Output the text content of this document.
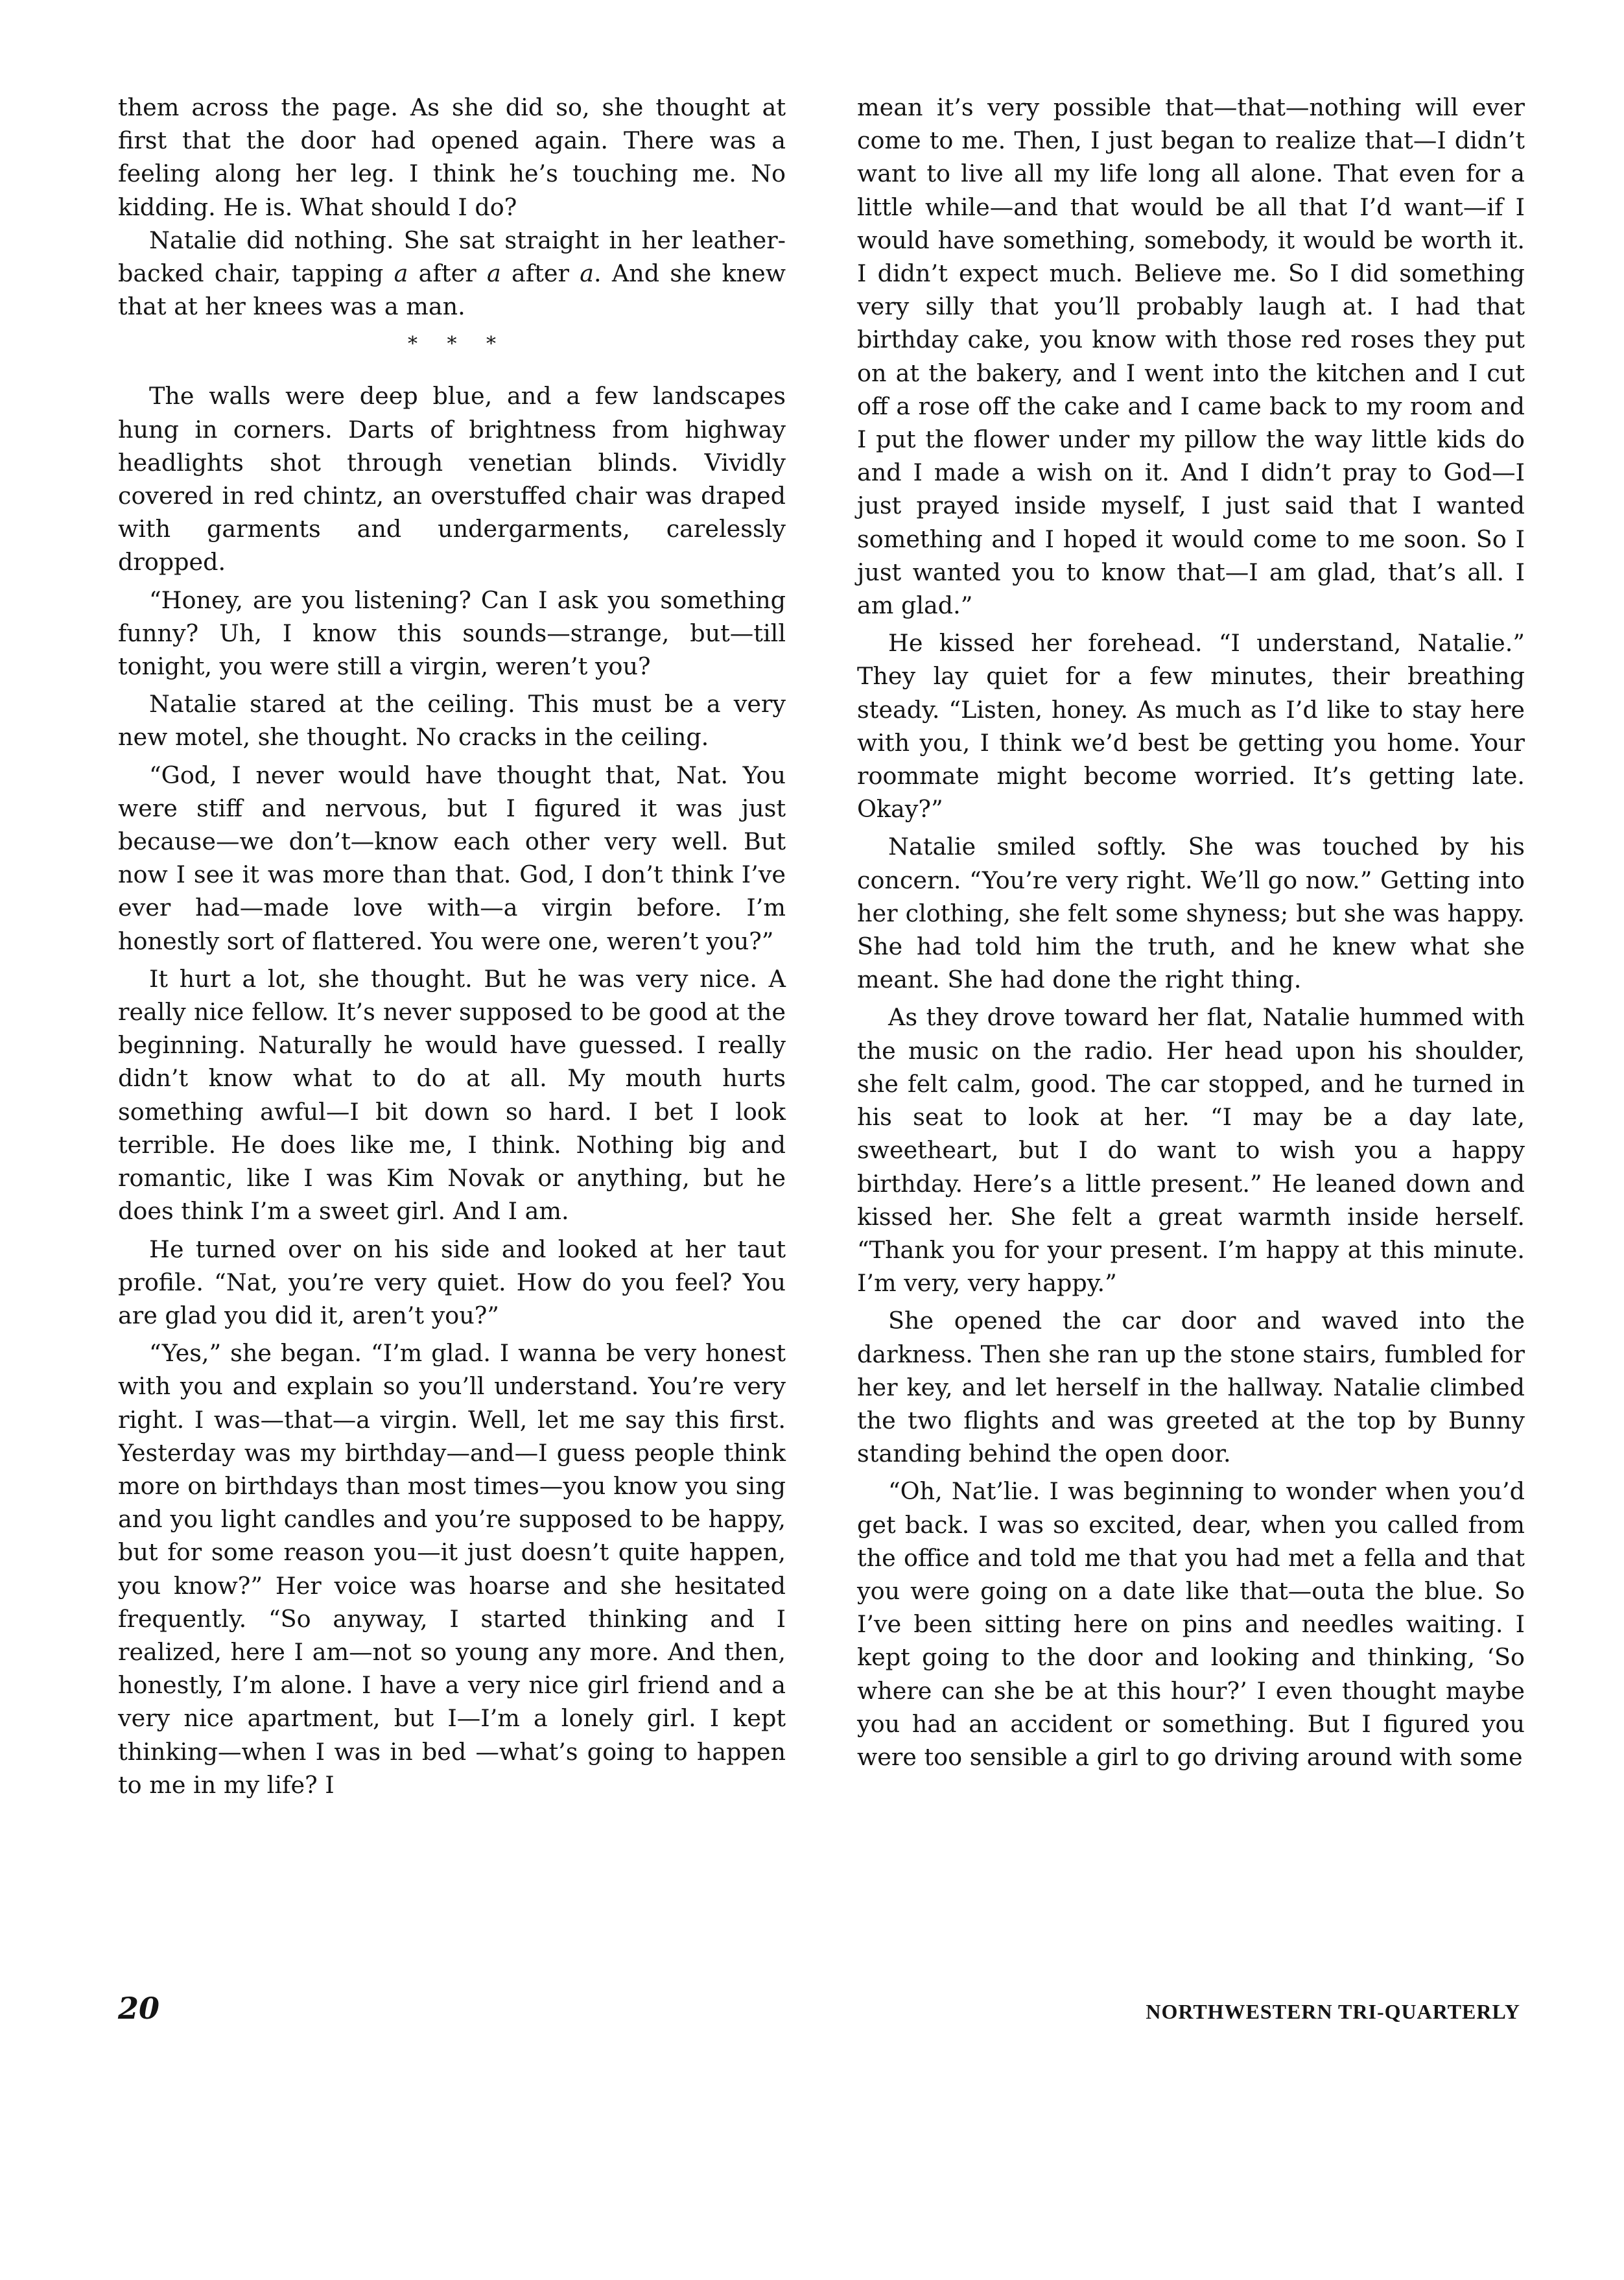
them across the page. As she did so, she thought at first that the door had opened again. There was a feeling along her leg. I think he’s touching me. No kidding. He is. What should I do?

Natalie did nothing. She sat straight in her leather-backed chair, tapping a after a after a. And she knew that at her knees was a man.

* * *

The walls were deep blue, and a few landscapes hung in corners. Darts of brightness from highway headlights shot through venetian blinds. Vividly covered in red chintz, an overstuffed chair was draped with garments and undergarments, carelessly dropped.

“Honey, are you listening? Can I ask you something funny? Uh, I know this sounds—strange, but—till tonight, you were still a virgin, weren’t you?

Natalie stared at the ceiling. This must be a very new motel, she thought. No cracks in the ceiling.

“God, I never would have thought that, Nat. You were stiff and nervous, but I figured it was just because—we don’t—know each other very well. But now I see it was more than that. God, I don’t think I’ve ever had—made love with—a virgin before. I’m honestly sort of flattered. You were one, weren’t you?”

It hurt a lot, she thought. But he was very nice. A really nice fellow. It’s never supposed to be good at the beginning. Naturally he would have guessed. I really didn’t know what to do at all. My mouth hurts something awful—I bit down so hard. I bet I look terrible. He does like me, I think. Nothing big and romantic, like I was Kim Novak or anything, but he does think I’m a sweet girl. And I am.

He turned over on his side and looked at her taut profile. “Nat, you’re very quiet. How do you feel? You are glad you did it, aren’t you?”

“Yes,” she began. “I’m glad. I wanna be very honest with you and explain so you’ll understand. You’re very right. I was—that—a virgin. Well, let me say this first. Yesterday was my birthday—and—I guess people think more on birthdays than most times—you know you sing and you light candles and you’re supposed to be happy, but for some reason you—it just doesn’t quite happen, you know?” Her voice was hoarse and she hesitated frequently. “So anyway, I started thinking and I realized, here I am—not so young any more. And then, honestly, I’m alone. I have a very nice girl friend and a very nice apartment, but I—I’m a lonely girl. I kept thinking—when I was in bed —what’s going to happen to me in my life? I

mean it’s very possible that—that—nothing will ever come to me. Then, I just began to realize that—I didn’t want to live all my life long all alone. That even for a little while—and that would be all that I’d want—if I would have something, somebody, it would be worth it. I didn’t expect much. Believe me. So I did something very silly that you’ll probably laugh at. I had that birthday cake, you know with those red roses they put on at the bakery, and I went into the kitchen and I cut off a rose off the cake and I came back to my room and I put the flower under my pillow the way little kids do and I made a wish on it. And I didn’t pray to God—I just prayed inside myself, I just said that I wanted something and I hoped it would come to me soon. So I just wanted you to know that—I am glad, that’s all. I am glad.”

He kissed her forehead. “I understand, Natalie.” They lay quiet for a few minutes, their breathing steady. “Listen, honey. As much as I’d like to stay here with you, I think we’d best be getting you home. Your roommate might become worried. It’s getting late. Okay?”

Natalie smiled softly. She was touched by his concern. “You’re very right. We’ll go now.” Getting into her clothing, she felt some shyness; but she was happy. She had told him the truth, and he knew what she meant. She had done the right thing.

As they drove toward her flat, Natalie hummed with the music on the radio. Her head upon his shoulder, she felt calm, good. The car stopped, and he turned in his seat to look at her. “I may be a day late, sweetheart, but I do want to wish you a happy birthday. Here’s a little present.” He leaned down and kissed her. She felt a great warmth inside herself. “Thank you for your present. I’m happy at this minute. I’m very, very happy.”

She opened the car door and waved into the darkness. Then she ran up the stone stairs, fumbled for her key, and let herself in the hallway. Natalie climbed the two flights and was greeted at the top by Bunny standing behind the open door.

“Oh, Nat’lie. I was beginning to wonder when you’d get back. I was so excited, dear, when you called from the office and told me that you had met a fella and that you were going on a date like that—outa the blue. So I’ve been sitting here on pins and needles waiting. I kept going to the door and looking and thinking, ‘So where can she be at this hour?’ I even thought maybe you had an accident or something. But I figured you were too sensible a girl to go driving around with some

20	NORTHWESTERN TRI-QUARTERLY
